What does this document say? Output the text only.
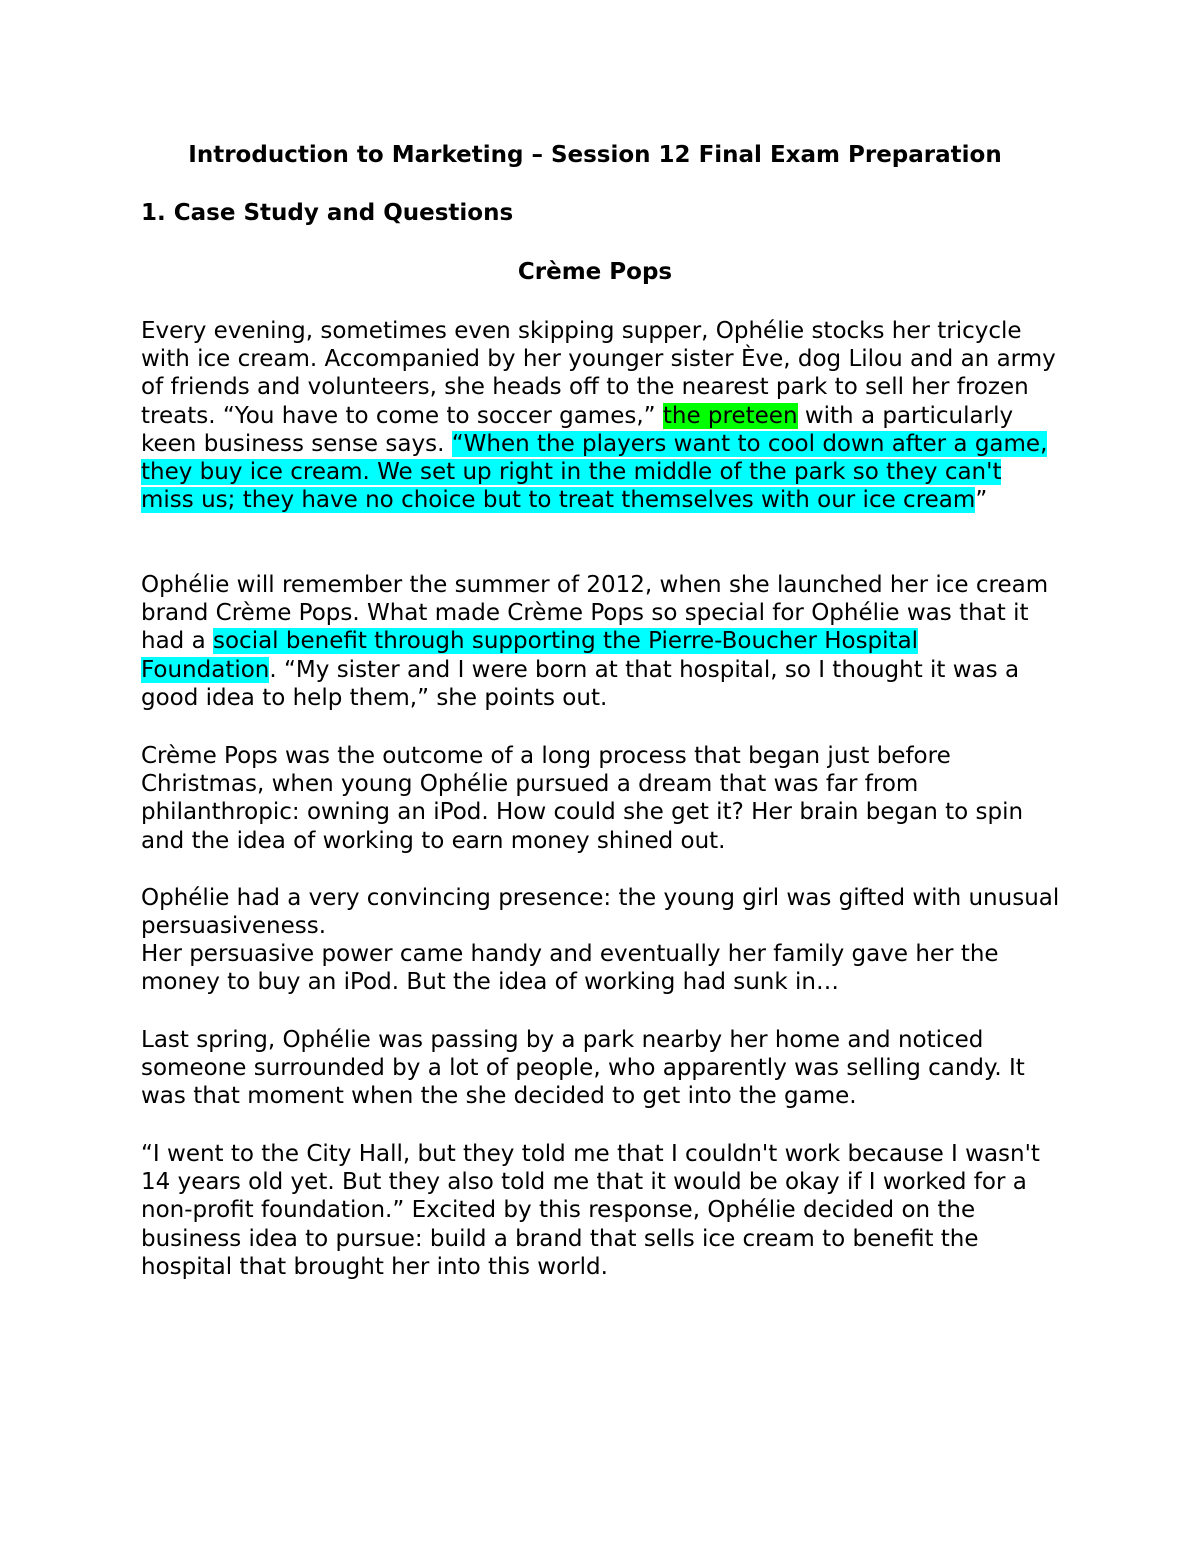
Introduction to Marketing – Session 12 Final Exam Preparation
1. Case Study and Questions
Crème Pops

Every evening, sometimes even skipping supper, Ophélie stocks her tricycle with ice cream. Accompanied by her younger sister Ève, dog Lilou and an army of friends and volunteers, she heads off to the nearest park to sell her frozen treats. “You have to come to soccer games,” the preteen with a particularly keen business sense says. “When the players want to cool down after a game, they buy ice cream. We set up right in the middle of the park so they can't miss us; they have no choice but to treat themselves with our ice cream”

Ophélie will remember the summer of 2012, when she launched her ice cream brand Crème Pops. What made Crème Pops so special for Ophélie was that it had a social benefit through supporting the Pierre-Boucher Hospital Foundation. “My sister and I were born at that hospital, so I thought it was a good idea to help them,” she points out.

Crème Pops was the outcome of a long process that began just before Christmas, when young Ophélie pursued a dream that was far from philanthropic: owning an iPod. How could she get it? Her brain began to spin and the idea of working to earn money shined out.

Ophélie had a very convincing presence: the young girl was gifted with unusual persuasiveness.

Her persuasive power came handy and eventually her family gave her the money to buy an iPod. But the idea of working had sunk in…

Last spring, Ophélie was passing by a park nearby her home and noticed someone surrounded by a lot of people, who apparently was selling candy. It was that moment when the she decided to get into the game.

“I went to the City Hall, but they told me that I couldn't work because I wasn't 14 years old yet. But they also told me that it would be okay if I worked for a non-profit foundation.” Excited by this response, Ophélie decided on the business idea to pursue: build a brand that sells ice cream to benefit the hospital that brought her into this world.
